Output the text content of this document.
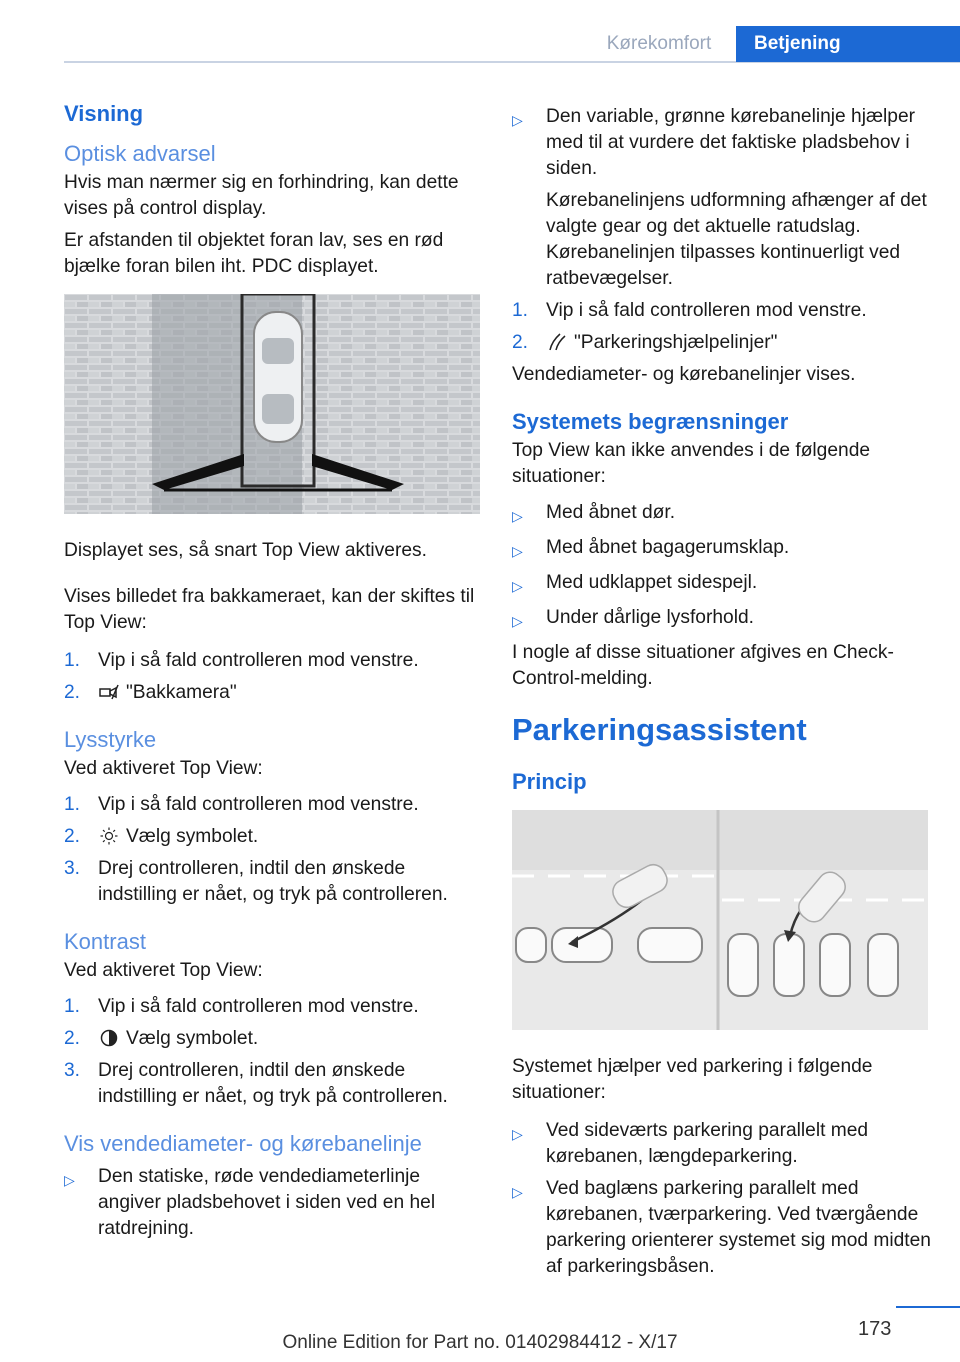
Kørekomfort	Betjening
Visning
Optisk advarsel

Hvis man nærmer sig en forhindring, kan dette vises på control display.

Er afstanden til objektet foran lav, ses en rød bjælke foran bilen iht. PDC displayet.

Displayet ses, så snart Top View aktiveres.

Vises billedet fra bakkameraet, kan der skiftes til Top View:

1. Vip i så fald controlleren mod venstre.
2.	"Bakkamera"
Lysstyrke

Ved aktiveret Top View:

1. Vip i så fald controlleren mod venstre.
2.	Vælg symbolet.
3. Drej controlleren, indtil den ønskede indstilling er nået, og tryk på controlleren.
Kontrast

Ved aktiveret Top View:

1. Vip i så fald controlleren mod venstre.
2.	Vælg symbolet.
3. Drej controlleren, indtil den ønskede indstilling er nået, og tryk på controlleren.
Vis vendediameter- og kørebanelinje
▷	Den statiske, røde vendediameterlinje angiver pladsbehovet i siden ved en hel ratdrejning.
▷	Den variable, grønne kørebanelinje hjælper med til at vurdere det faktiske pladsbehov i siden.
Kørebanelinjens udformning afhænger af det valgte gear og det aktuelle ratudslag. Kørebanelinjen tilpasses kontinuerligt ved ratbevægelser.
1. Vip i så fald controlleren mod venstre.
2.	"Parkeringshjælpelinjer"

Vendediameter- og kørebanelinjer vises.

Systemets begrænsninger

Top View kan ikke anvendes i de følgende situationer:

▷	Med åbnet dør.
▷	Med åbnet bagagerumsklap.
▷	Med udklappet sidespejl.
▷	Under dårlige lysforhold.

I nogle af disse situationer afgives en Check-Control-melding.

Parkeringsassistent
Princip

Systemet hjælper ved parkering i følgende situationer:

▷	Ved sideværts parkering parallelt med kørebanen, længdeparkering.
▷	Ved baglæns parkering parallelt med kørebanen, tværparkering. Ved tværgående parkering orienterer systemet sig mod midten af parkeringsbåsen.
173
Online Edition for Part no. 01402984412 - X/17
